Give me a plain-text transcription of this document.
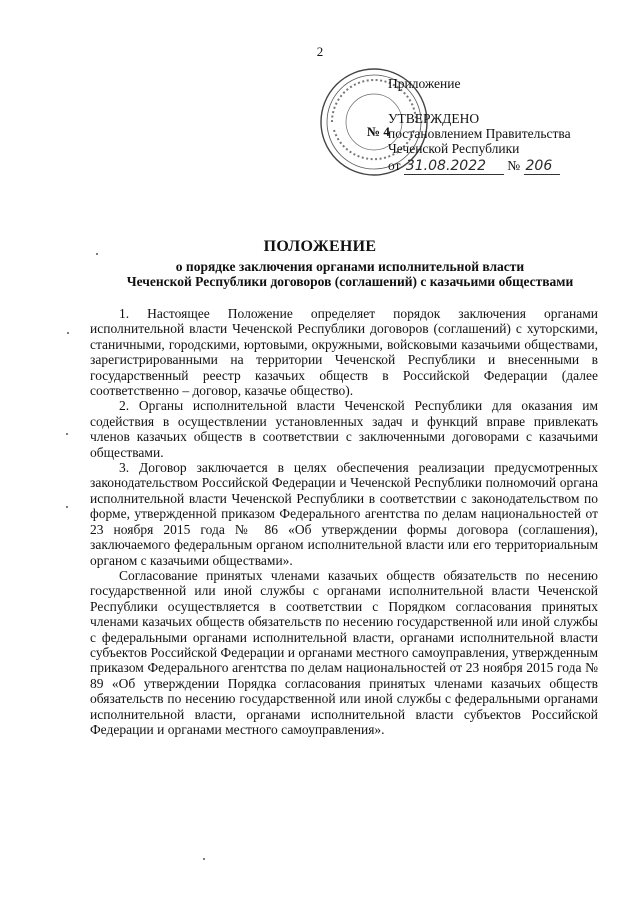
2
№ 4
Приложение
УТВЕРЖДЕНО
постановлением Правительства
Чеченской Республики
от 31.08.2022 № 206
ПОЛОЖЕНИЕ
о порядке заключения органами исполнительной власти
Чеченской Республики договоров (соглашений) с казачьими обществами

1. Настоящее Положение определяет порядок заключения органами исполнительной власти Чеченской Республики договоров (соглашений) с хуторскими, станичными, городскими, юртовыми, окружными, войсковыми казачьими обществами, зарегистрированными на территории Чеченской Республики и внесенными в государственный реестр казачьих обществ в Российской Федерации (далее соответственно – договор, казачье общество).

2. Органы исполнительной власти Чеченской Республики для оказания им содействия в осуществлении установленных задач и функций вправе привлекать членов казачьих обществ в соответствии с заключенными договорами с казачьими обществами.

3. Договор заключается в целях обеспечения реализации предусмотренных законодательством Российской Федерации и Чеченской Республики полномочий органа исполнительной власти Чеченской Республики в соответствии с законодательством по форме, утвержденной приказом Федерального агентства по делам национальностей от 23 ноября 2015 года № 86 «Об утверждении формы договора (соглашения), заключаемого федеральным органом исполнительной власти или его территориальным органом с казачьими обществами».

Согласование принятых членами казачьих обществ обязательств по несению государственной или иной службы с органами исполнительной власти Чеченской Республики осуществляется в соответствии с Порядком согласования принятых членами казачьих обществ обязательств по несению государственной или иной службы с федеральными органами исполнительной власти, органами исполнительной власти субъектов Российской Федерации и органами местного самоуправления, утвержденным приказом Федерального агентства по делам национальностей от 23 ноября 2015 года № 89 «Об утверждении Порядка согласования принятых членами казачьих обществ обязательств по несению государственной или иной службы с федеральными органами исполнительной власти, органами исполнительной власти субъектов Российской Федерации и органами местного самоуправления».
